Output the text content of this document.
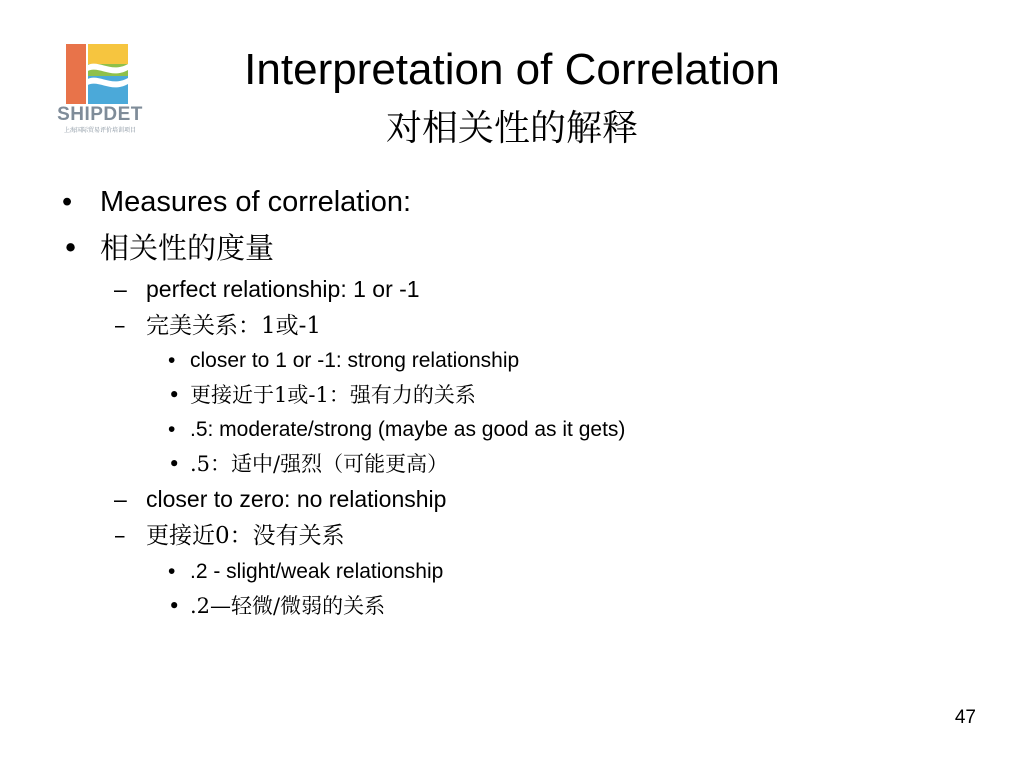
SHIPDET
上海国际贸易评价培训项目
Interpretation of Correlation
对相关性的解释
• Measures of correlation:
• 相关性的度量
– perfect relationship: 1 or -1
– 完美关系：1或-1
• closer to 1 or -1: strong relationship
• 更接近于1或-1：强有力的关系
• .5: moderate/strong (maybe as good as it gets)
• .5：适中/强烈（可能更高）
– closer to zero: no relationship
– 更接近0：没有关系
• .2 - slight/weak relationship
• .2—轻微/微弱的关系
47
